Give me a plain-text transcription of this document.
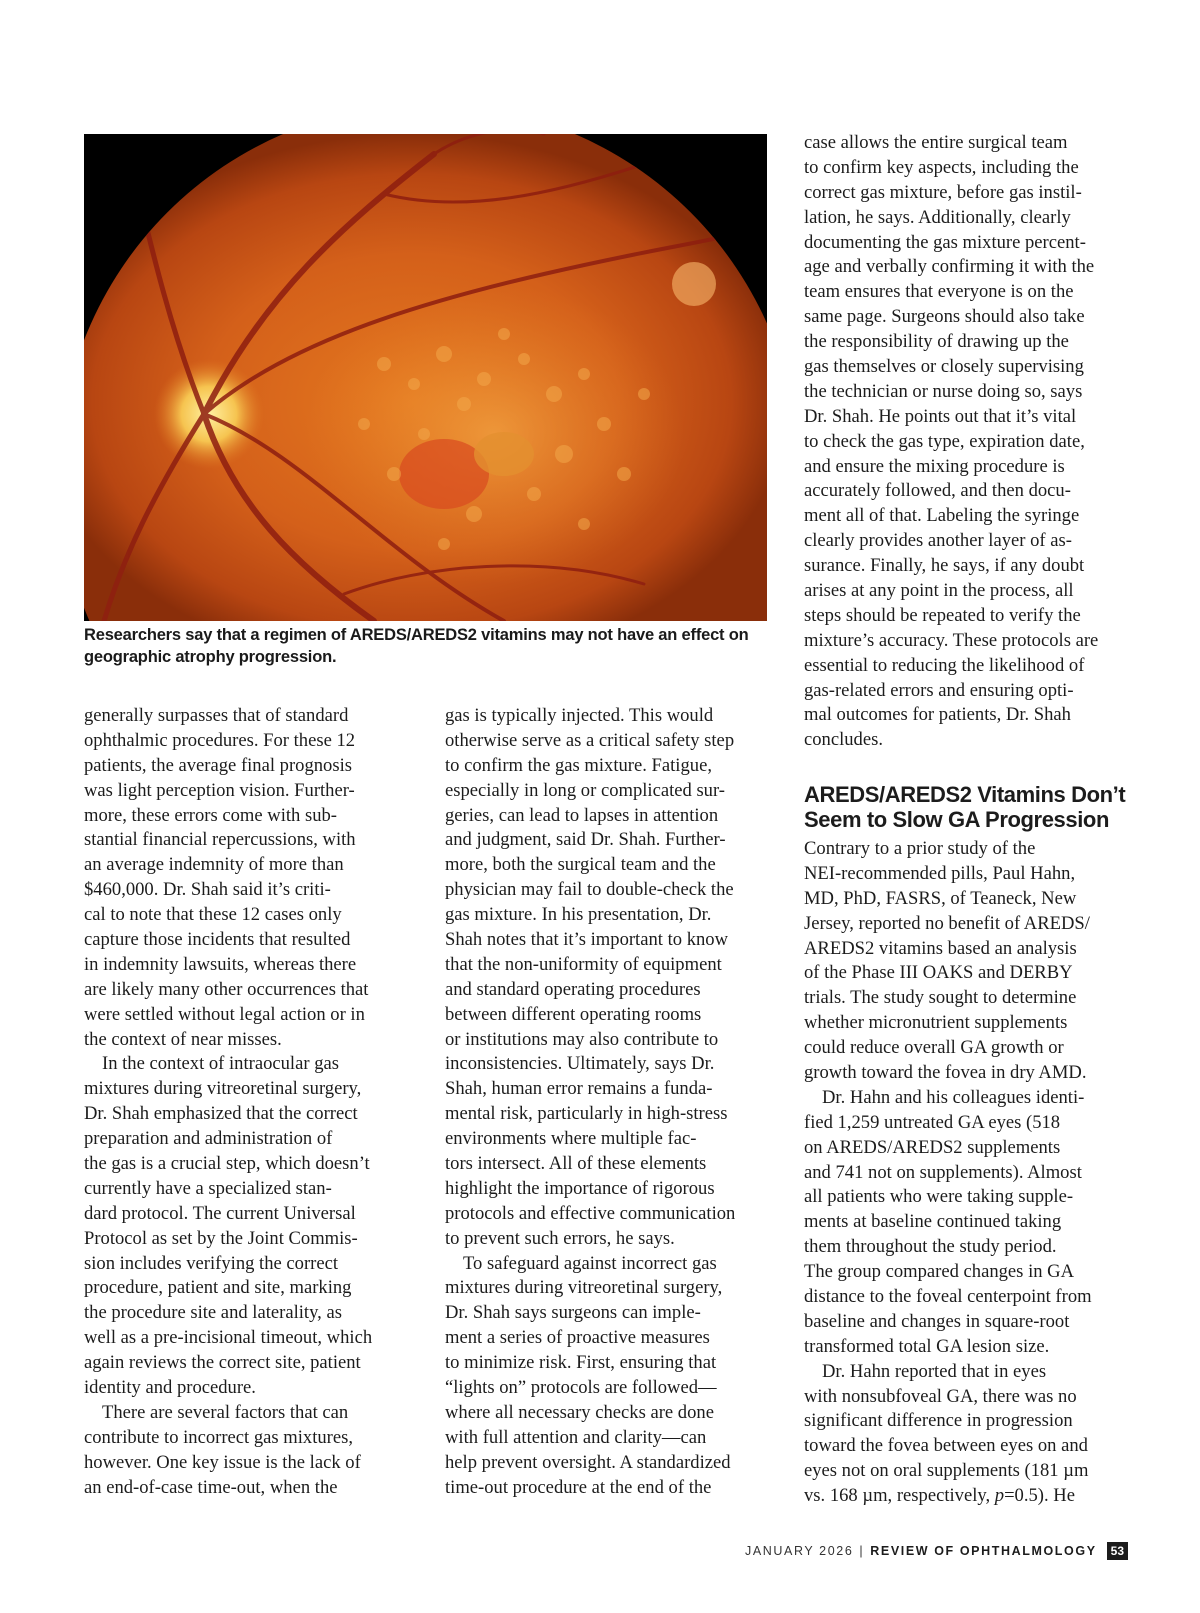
Researchers say that a regimen of AREDS/AREDS2 vitamins may not have an effect on
geographic atrophy progression.
generally surpasses that of standard
ophthalmic procedures. For these 12
patients, the average final prognosis
was light perception vision. Further-
more, these errors come with sub-
stantial financial repercussions, with
an average indemnity of more than
$460,000. Dr. Shah said it’s criti-
cal to note that these 12 cases only
capture those incidents that resulted
in indemnity lawsuits, whereas there
are likely many other occurrences that
were settled without legal action or in
the context of near misses.
In the context of intraocular gas
mixtures during vitreoretinal surgery,
Dr. Shah emphasized that the correct
preparation and administration of
the gas is a crucial step, which doesn’t
currently have a specialized stan-
dard protocol. The current Universal
Protocol as set by the Joint Commis-
sion includes verifying the correct
procedure, patient and site, marking
the procedure site and laterality, as
well as a pre-incisional timeout, which
again reviews the correct site, patient
identity and procedure.
There are several factors that can
contribute to incorrect gas mixtures,
however. One key issue is the lack of
an end-of-case time-out, when the
gas is typically injected. This would
otherwise serve as a critical safety step
to confirm the gas mixture. Fatigue,
especially in long or complicated sur-
geries, can lead to lapses in attention
and judgment, said Dr. Shah. Further-
more, both the surgical team and the
physician may fail to double-check the
gas mixture. In his presentation, Dr.
Shah notes that it’s important to know
that the non-uniformity of equipment
and standard operating procedures
between different operating rooms
or institutions may also contribute to
inconsistencies. Ultimately, says Dr.
Shah, human error remains a funda-
mental risk, particularly in high-stress
environments where multiple fac-
tors intersect. All of these elements
highlight the importance of rigorous
protocols and effective communication
to prevent such errors, he says.
To safeguard against incorrect gas
mixtures during vitreoretinal surgery,
Dr. Shah says surgeons can imple-
ment a series of proactive measures
to minimize risk. First, ensuring that
“lights on” protocols are followed—
where all necessary checks are done
with full attention and clarity—can
help prevent oversight. A standardized
time-out procedure at the end of the
case allows the entire surgical team
to confirm key aspects, including the
correct gas mixture, before gas instil-
lation, he says. Additionally, clearly
documenting the gas mixture percent-
age and verbally confirming it with the
team ensures that everyone is on the
same page. Surgeons should also take
the responsibility of drawing up the
gas themselves or closely supervising
the technician or nurse doing so, says
Dr. Shah. He points out that it’s vital
to check the gas type, expiration date,
and ensure the mixing procedure is
accurately followed, and then docu-
ment all of that. Labeling the syringe
clearly provides another layer of as-
surance. Finally, he says, if any doubt
arises at any point in the process, all
steps should be repeated to verify the
mixture’s accuracy. These protocols are
essential to reducing the likelihood of
gas-related errors and ensuring opti-
mal outcomes for patients, Dr. Shah
concludes.
AREDS/AREDS2 Vitamins Don’t
Seem to Slow GA Progression
Contrary to a prior study of the
NEI-recommended pills, Paul Hahn,
MD, PhD, FASRS, of Teaneck, New
Jersey, reported no benefit of AREDS/
AREDS2 vitamins based an analysis
of the Phase III OAKS and DERBY
trials. The study sought to determine
whether micronutrient supplements
could reduce overall GA growth or
growth toward the fovea in dry AMD.
Dr. Hahn and his colleagues identi-
fied 1,259 untreated GA eyes (518
on AREDS/AREDS2 supplements
and 741 not on supplements). Almost
all patients who were taking supple-
ments at baseline continued taking
them throughout the study period.
The group compared changes in GA
distance to the foveal centerpoint from
baseline and changes in square-root
transformed total GA lesion size.
Dr. Hahn reported that in eyes
with nonsubfoveal GA, there was no
significant difference in progression
toward the fovea between eyes on and
eyes not on oral supplements (181 µm
vs. 168 µm, respectively, p=0.5). He
JANUARY 2026 | REVIEW OF OPHTHALMOLOGY	53
